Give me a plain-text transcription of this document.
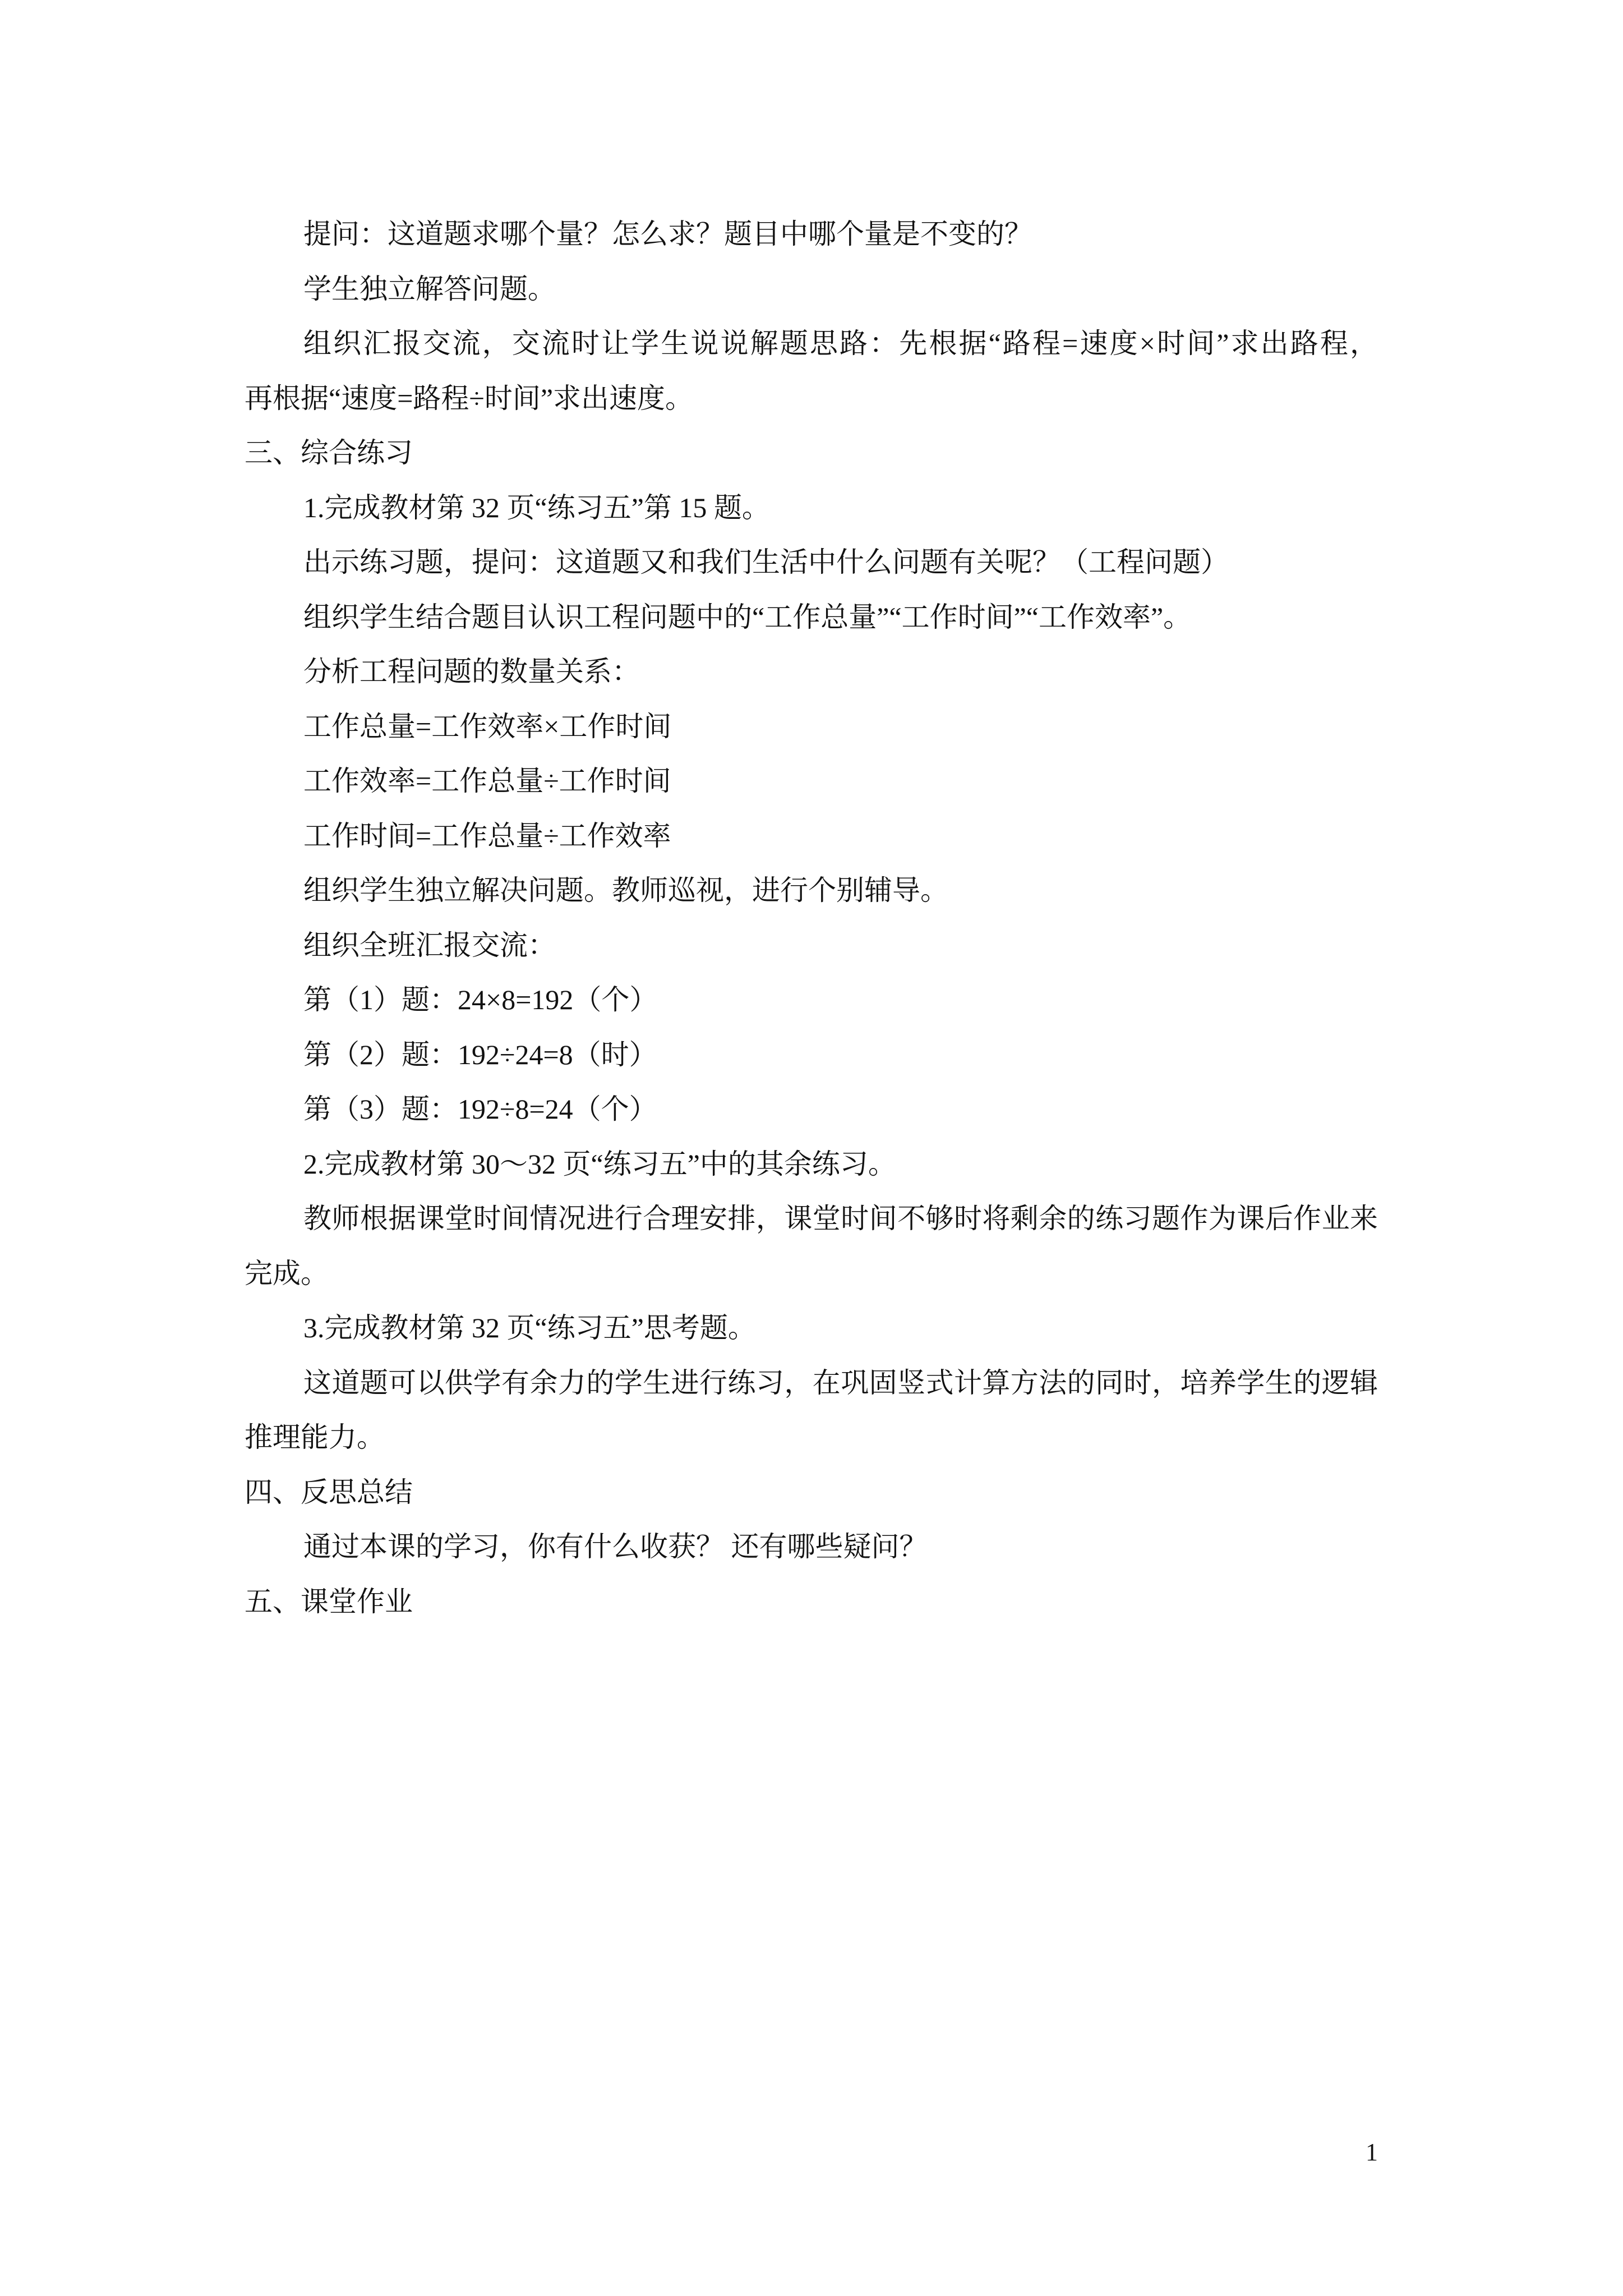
提问：这道题求哪个量？怎么求？题目中哪个量是不变的？
学生独立解答问题。
组织汇报交流，交流时让学生说说解题思路：先根据“路程=速度×时间”求出路程，
再根据“速度=路程÷时间”求出速度。
三、综合练习
1.完成教材第 32 页“练习五”第 15 题。
出示练习题，提问：这道题又和我们生活中什么问题有关呢？（工程问题）
组织学生结合题目认识工程问题中的“工作总量”“工作时间”“工作效率”。
分析工程问题的数量关系：
工作总量=工作效率×工作时间
工作效率=工作总量÷工作时间
工作时间=工作总量÷工作效率
组织学生独立解决问题。教师巡视，进行个别辅导。
组织全班汇报交流：
第（1）题：24×8=192（个）
第（2）题：192÷24=8（时）
第（3）题：192÷8=24（个）
2.完成教材第 30～32 页“练习五”中的其余练习。
教师根据课堂时间情况进行合理安排，课堂时间不够时将剩余的练习题作为课后作业来
完成。
3.完成教材第 32 页“练习五”思考题。
这道题可以供学有余力的学生进行练习，在巩固竖式计算方法的同时，培养学生的逻辑
推理能力。
四、反思总结
通过本课的学习，你有什么收获？ 还有哪些疑问？
五、课堂作业
1
